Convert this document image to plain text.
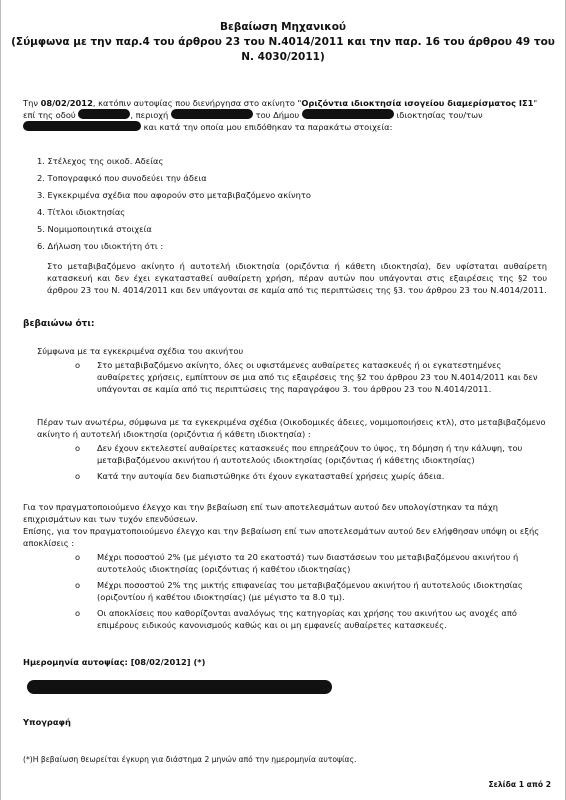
Βεβαίωση Μηχανικού
(Σύμφωνα με την παρ.4 του άρθρου 23 του Ν.4014/2011 και την παρ. 16 του άρθρου 49 του Ν. 4030/2011)
Την 08/02/2012, κατόπιν αυτοψίας που διενήργησα στο ακίνητο "Οριζόντια ιδιοκτησία ισογείου διαμερίσματος ΙΣ1" επί της οδού	, περιοχή	του Δήμου	ιδιοκτησίας του/των  και κατά την οποία μου επιδόθηκαν τα παρακάτω στοιχεία:
1. Στέλεχος της οικοδ. Αδείας
2. Τοπογραφικό που συνοδεύει την άδεια
3. Εγκεκριμένα σχέδια που αφορούν στο μεταβιβαζόμενο ακίνητο
4. Τίτλοι ιδιοκτησίας
5. Νομιμοποιητικά στοιχεία
6. Δήλωση του ιδιοκτήτη ότι :
Στο μεταβιβαζόμενο ακίνητο ή αυτοτελή ιδιοκτησία (οριζόντια ή κάθετη ιδιοκτησία), δεν υφίσταται αυθαίρετη κατασκευή και δεν έχει εγκατασταθεί αυθαίρετη χρήση, πέραν αυτών που υπάγονται στις εξαιρέσεις της §2 του άρθρου 23 του Ν. 4014/2011 και δεν υπάγονται σε καμία από τις περιπτώσεις της §3. του άρθρου 23 του Ν.4014/2011.
βεβαιώνω ότι:
Σύμφωνα με τα εγκεκριμένα σχέδια του ακινήτου
o Στο μεταβιβαζόμενο ακίνητο, όλες οι υφιστάμενες αυθαίρετες κατασκευές ή οι εγκατεστημένες αυθαίρετες χρήσεις, εμπίπτουν σε μια από τις εξαιρέσεις της §2 του άρθρου 23 του Ν.4014/2011 και δεν υπάγονται σε καμία από τις περιπτώσεις της παραγράφου 3. του άρθρου 23 του Ν.4014/2011.
Πέραν των ανωτέρω, σύμφωνα με τα εγκεκριμένα σχέδια (Οικοδομικές άδειες, νομιμοποιήσεις κτλ), στο μεταβιβαζόμενο ακίνητο ή αυτοτελή ιδιοκτησία (οριζόντια ή κάθετη ιδιοκτησία) :
o Δεν έχουν εκτελεστεί αυθαίρετες κατασκευές που επηρεάζουν το ύψος, τη δόμηση ή την κάλυψη, του μεταβιβαζόμενου ακινήτου ή αυτοτελούς ιδιοκτησίας (οριζόντιας ή κάθετης ιδιοκτησίας)
o Κατά την αυτοψία δεν διαπιστώθηκε ότι έχουν εγκατασταθεί χρήσεις χωρίς άδεια.
Για τον πραγματοποιούμενο έλεγχο και την βεβαίωση επί των αποτελεσμάτων αυτού δεν υπολογίστηκαν τα πάχη επιχρισμάτων και των τυχόν επενδύσεων.
Επίσης, για τον πραγματοποιούμενο έλεγχο και την βεβαίωση επί των αποτελεσμάτων αυτού δεν ελήφθησαν υπόψη οι εξής αποκλίσεις :
o Μέχρι ποσοστού 2% (με μέγιστο τα 20 εκατοστά) των διαστάσεων του μεταβιβαζόμενου ακινήτου ή αυτοτελούς ιδιοκτησίας (οριζόντιας ή καθέτου ιδιοκτησίας)
o Μέχρι ποσοστού 2% της μικτής επιφανείας του μεταβιβαζόμενου ακινήτου ή αυτοτελούς ιδιοκτησίας (οριζοντίου ή καθέτου ιδιοκτησίας) (με μέγιστο τα 8.0 τμ).
o Οι αποκλίσεις που καθορίζονται αναλόγως της κατηγορίας και χρήσης του ακινήτου ως ανοχές από επιμέρους ειδικούς κανονισμούς καθώς και οι μη εμφανείς αυθαίρετες κατασκευές.
Ημερομηνία αυτοψίας: [08/02/2012] (*)
Υπογραφή
(*)Η βεβαίωση θεωρείται έγκυρη για διάστημα 2 μηνών από την ημερομηνία αυτοψίας.
Σελίδα 1 από 2
